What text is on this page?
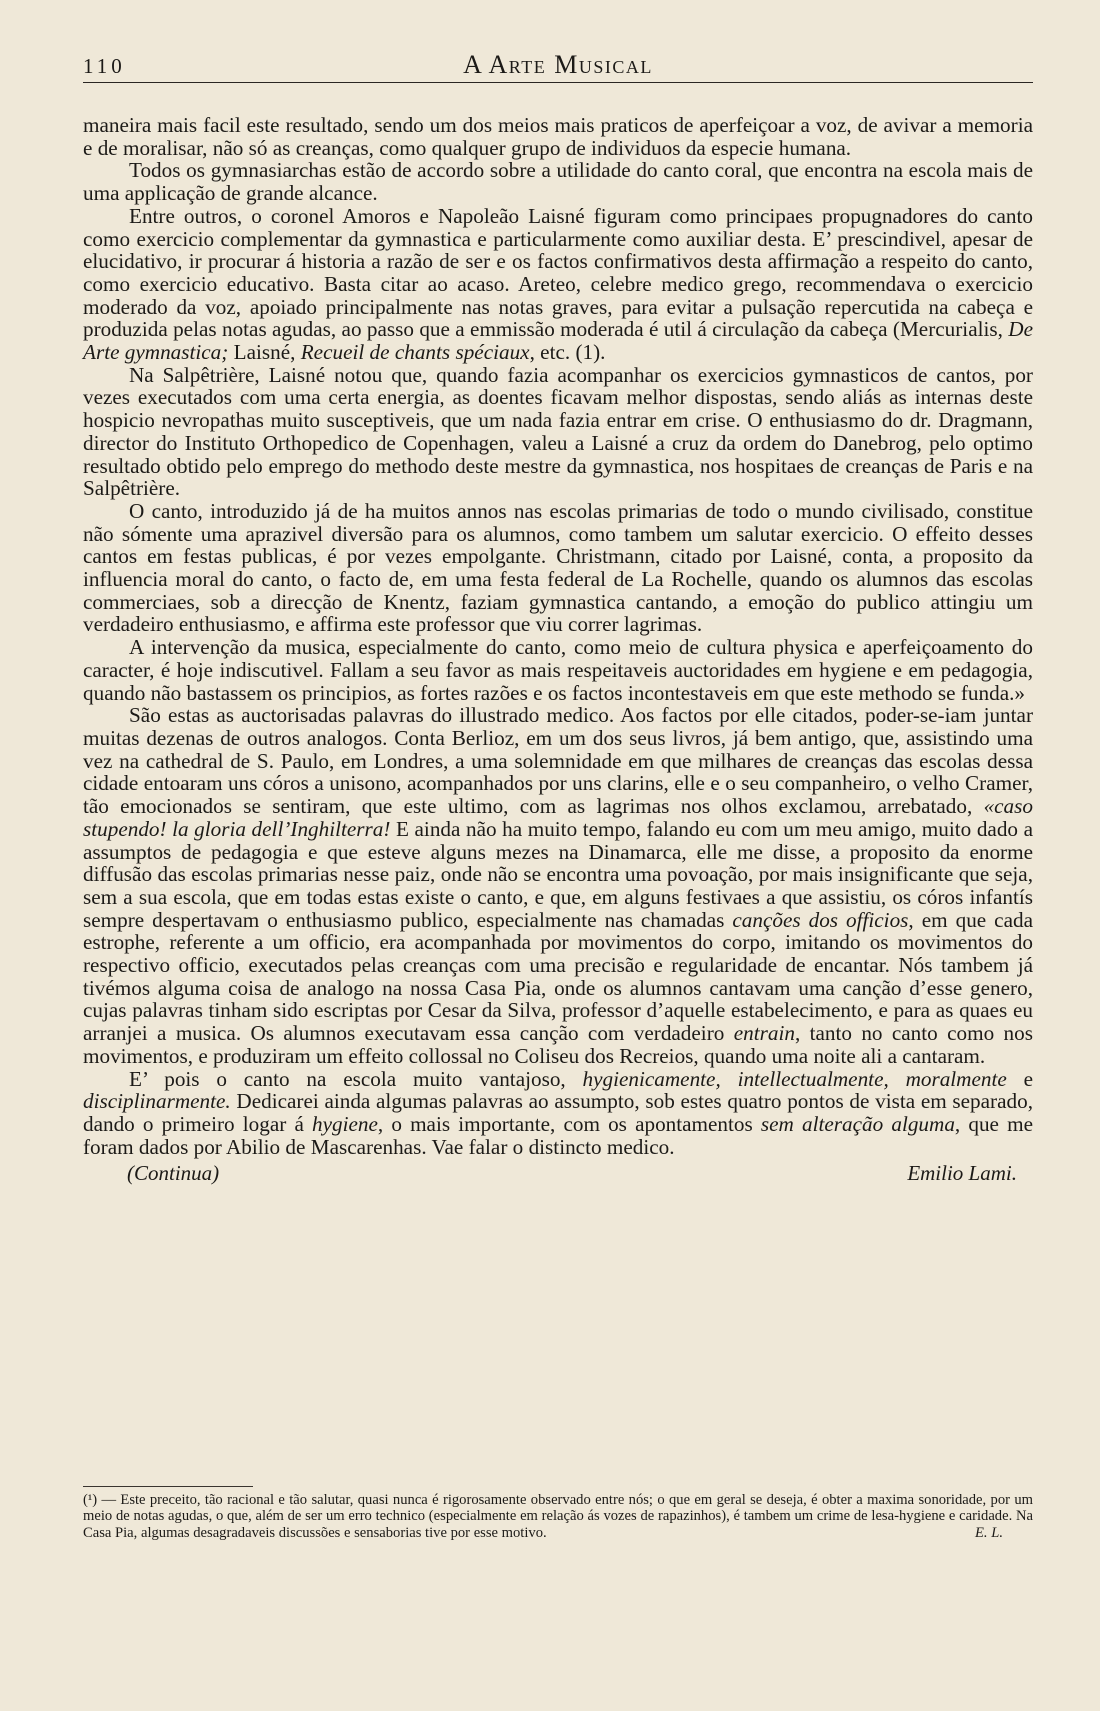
110	A Arte Musical

maneira mais facil este resultado, sendo um dos meios mais praticos de aperfeiçoar a voz, de avivar a memoria e de moralisar, não só as creanças, como qualquer grupo de individuos da especie humana.

Todos os gymnasiarchas estão de accordo sobre a utilidade do canto coral, que encontra na escola mais de uma applicação de grande alcance.

Entre outros, o coronel Amoros e Napoleão Laisné figuram como principaes propugnadores do canto como exercicio complementar da gymnastica e particularmente como auxiliar desta. E’ prescindivel, apesar de elucidativo, ir procurar á historia a razão de ser e os factos confirmativos desta affirmação a respeito do canto, como exercicio educativo. Basta citar ao acaso. Areteo, celebre medico grego, recommendava o exercicio moderado da voz, apoiado principalmente nas notas graves, para evitar a pulsação repercutida na cabeça e produzida pelas notas agudas, ao passo que a emmissão moderada é util á circulação da cabeça (Mercurialis, De Arte gymnastica; Laisné, Recueil de chants spéciaux, etc. (1).

Na Salpêtrière, Laisné notou que, quando fazia acompanhar os exercicios gymnasticos de cantos, por vezes executados com uma certa energia, as doentes ficavam melhor dispostas, sendo aliás as internas deste hospicio nevropathas muito susceptiveis, que um nada fazia entrar em crise. O enthusiasmo do dr. Dragmann, director do Instituto Orthopedico de Copenhagen, valeu a Laisné a cruz da ordem do Danebrog, pelo optimo resultado obtido pelo emprego do methodo deste mestre da gymnastica, nos hospitaes de creanças de Paris e na Salpêtrière.

O canto, introduzido já de ha muitos annos nas escolas primarias de todo o mundo civilisado, constitue não sómente uma aprazivel diversão para os alumnos, como tambem um salutar exercicio. O effeito desses cantos em festas publicas, é por vezes empolgante. Christmann, citado por Laisné, conta, a proposito da influencia moral do canto, o facto de, em uma festa federal de La Rochelle, quando os alumnos das escolas commerciaes, sob a direcção de Knentz, faziam gymnastica cantando, a emoção do publico attingiu um verdadeiro enthusiasmo, e affirma este professor que viu correr lagrimas.

A intervenção da musica, especialmente do canto, como meio de cultura physica e aperfeiçoamento do caracter, é hoje indiscutivel. Fallam a seu favor as mais respeitaveis auctoridades em hygiene e em pedagogia, quando não bastassem os principios, as fortes razões e os factos incontestaveis em que este methodo se funda.»

São estas as auctorisadas palavras do illustrado medico. Aos factos por elle citados, poder-se-iam juntar muitas dezenas de outros analogos. Conta Berlioz, em um dos seus livros, já bem antigo, que, assistindo uma vez na cathedral de S. Paulo, em Londres, a uma solemnidade em que milhares de creanças das escolas dessa cidade entoaram uns córos a unisono, acompanhados por uns clarins, elle e o seu companheiro, o velho Cramer, tão emocionados se sentiram, que este ultimo, com as lagrimas nos olhos exclamou, arrebatado, «caso stupendo! la gloria dell’Inghilterra! E ainda não ha muito tempo, falando eu com um meu amigo, muito dado a assumptos de pedagogia e que esteve alguns mezes na Dinamarca, elle me disse, a proposito da enorme diffusão das escolas primarias nesse paiz, onde não se encontra uma povoação, por mais insignificante que seja, sem a sua escola, que em todas estas existe o canto, e que, em alguns festivaes a que assistiu, os córos infantís sempre despertavam o enthusiasmo publico, especialmente nas chamadas canções dos officios, em que cada estrophe, referente a um officio, era acompanhada por movimentos do corpo, imitando os movimentos do respectivo officio, executados pelas creanças com uma precisão e regularidade de encantar. Nós tambem já tivémos alguma coisa de analogo na nossa Casa Pia, onde os alumnos cantavam uma canção d’esse genero, cujas palavras tinham sido escriptas por Cesar da Silva, professor d’aquelle estabelecimento, e para as quaes eu arranjei a musica. Os alumnos executavam essa canção com verdadeiro entrain, tanto no canto como nos movimentos, e produziram um effeito collossal no Coliseu dos Recreios, quando uma noite ali a cantaram.

E’ pois o canto na escola muito vantajoso, hygienicamente, intellectualmente, moralmente e disciplinarmente. Dedicarei ainda algumas palavras ao assumpto, sob estes quatro pontos de vista em separado, dando o primeiro logar á hygiene, o mais importante, com os apontamentos sem alteração alguma, que me foram dados por Abilio de Mascarenhas. Vae falar o distincto medico.

(Continua)	Emilio Lami.

(¹) — Este preceito, tão racional e tão salutar, quasi nunca é rigorosamente observado entre nós; o que em geral se deseja, é obter a maxima sonoridade, por um meio de notas agudas, o que, além de ser um erro technico (especialmente em relação ás vozes de rapazinhos), é tambem um crime de lesa-hygiene e caridade. Na Casa Pia, algumas desagradaveis discussões e sensaborias tive por esse motivo.	E. L.
